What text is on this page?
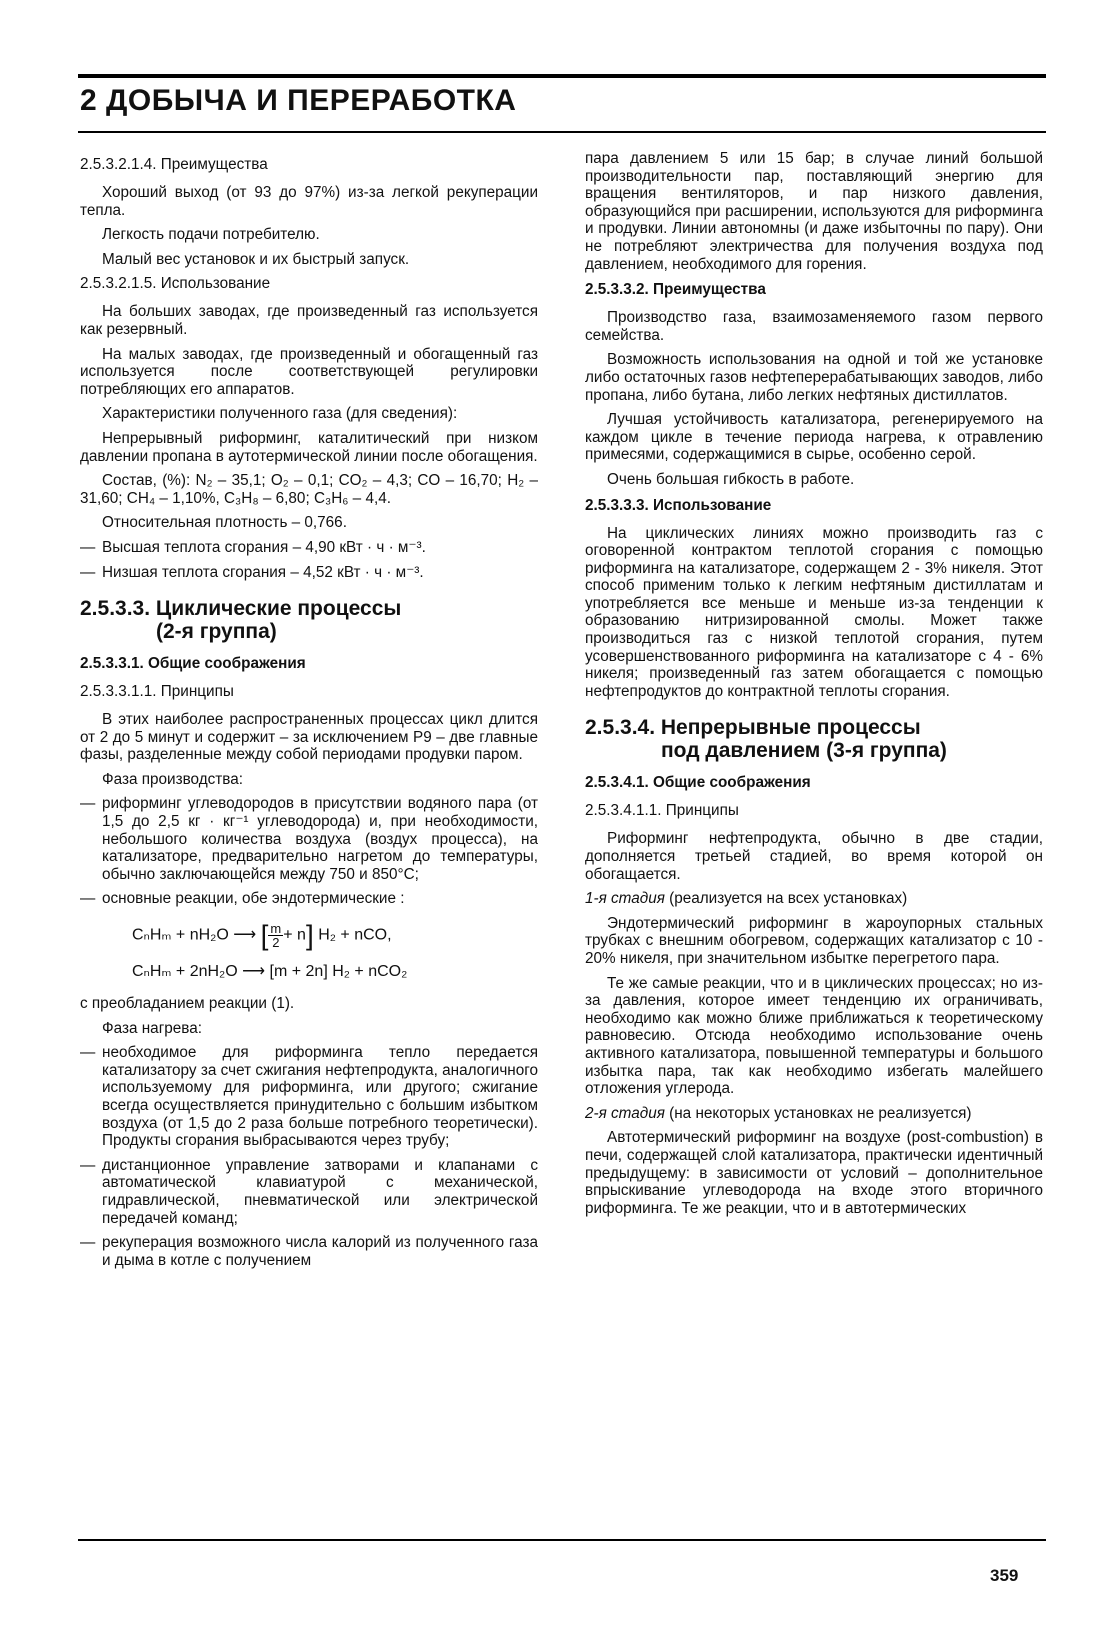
2 ДОБЫЧА И ПЕРЕРАБОТКА
2.5.3.2.1.4. Преимущества

Хороший выход (от 93 до 97%) из-за легкой рекуперации тепла.

Легкость подачи потребителю.

Малый вес установок и их быстрый запуск.

2.5.3.2.1.5. Использование

На больших заводах, где произведенный газ используется как резервный.

На малых заводах, где произведенный и обогащенный газ используется после соответствующей регулировки потребляющих его аппаратов.

Характеристики полученного газа (для сведения):

Непрерывный риформинг, каталитический при низком давлении пропана в аутотермической линии после обогащения.

Состав, (%): N₂ – 35,1; O₂ – 0,1; CO₂ – 4,3; CO – 16,70; H₂ – 31,60; CH₄ – 1,10%, C₃H₈ – 6,80; C₃H₆ – 4,4.

Относительная плотность – 0,766.

— Высшая теплота сгорания – 4,90 кВт · ч · м⁻³.

— Низшая теплота сгорания – 4,52 кВт · ч · м⁻³.

2.5.3.3. Циклические процессы
(2-я группа)
2.5.3.3.1. Общие соображения
2.5.3.3.1.1. Принципы

В этих наиболее распространенных процессах цикл длится от 2 до 5 минут и содержит – за исключением Р9 – две главные фазы, разделенные между собой периодами продувки паром.

Фаза производства:

— риформинг углеводородов в присутствии водяного пара (от 1,5 до 2,5 кг · кг⁻¹ углеводорода) и, при необходимости, небольшого количества воздуха (воздух процесса), на катализаторе, предварительно нагретом до температуры, обычно заключающейся между 750 и 850°C;

— основные реакции, обе эндотермические :

CₙHₘ + nH₂O ⟶ [ $\frac{m}{2} + n$] H₂ + nCO,
CₙHₘ + 2nH₂O ⟶ [m + 2n] H₂ + nCO₂

с преобладанием реакции (1).

Фаза нагрева:

— необходимое для риформинга тепло передается катализатору за счет сжигания нефтепродукта, аналогичного используемому для риформинга, или другого; сжигание всегда осуществляется принудительно с большим избытком воздуха (от 1,5 до 2 раза больше потребного теоретически). Продукты сгорания выбрасываются через трубу;

— дистанционное управление затворами и клапанами с автоматической клавиатурой с механической, гидравлической, пневматической или электрической передачей команд;

— рекуперация возможного числа калорий из полученного газа и дыма в котле с получением

пара давлением 5 или 15 бар; в случае линий большой производительности пар, поставляющий энергию для вращения вентиляторов, и пар низкого давления, образующийся при расширении, используются для риформинга и продувки. Линии автономны (и даже избыточны по пару). Они не потребляют электричества для получения воздуха под давлением, необходимого для горения.

2.5.3.3.2. Преимущества

Производство газа, взаимозаменяемого газом первого семейства.

Возможность использования на одной и той же установке либо остаточных газов нефтеперерабатывающих заводов, либо пропана, либо бутана, либо легких нефтяных дистиллатов.

Лучшая устойчивость катализатора, регенерируемого на каждом цикле в течение периода нагрева, к отравлению примесями, содержащимися в сырье, особенно серой.

Очень большая гибкость в работе.

2.5.3.3.3. Использование

На циклических линиях можно производить газ с оговоренной контрактом теплотой сгорания с помощью риформинга на катализаторе, содержащем 2 - 3% никеля. Этот способ применим только к легким нефтяным дистиллатам и употребляется все меньше и меньше из-за тенденции к образованию нитризированной смолы. Может также производиться газ с низкой теплотой сгорания, путем усовершенствованного риформинга на катализаторе с 4 - 6% никеля; произведенный газ затем обогащается с помощью нефтепродуктов до контрактной теплоты сгорания.

2.5.3.4. Непрерывные процессы
под давлением (3-я группа)
2.5.3.4.1. Общие соображения
2.5.3.4.1.1. Принципы

Риформинг нефтепродукта, обычно в две стадии, дополняется третьей стадией, во время которой он обогащается.

1-я стадия (реализуется на всех установках)

Эндотермический риформинг в жароупорных стальных трубках с внешним обогревом, содержащих катализатор с 10 - 20% никеля, при значительном избытке перегретого пара.

Те же самые реакции, что и в циклических процессах; но из-за давления, которое имеет тенденцию их ограничивать, необходимо как можно ближе приближаться к теоретическому равновесию. Отсюда необходимо использование очень активного катализатора, повышенной температуры и большого избытка пара, так как необходимо избегать малейшего отложения углерода.

2-я стадия (на некоторых установках не реализуется)

Автотермический риформинг на воздухе (post-combustion) в печи, содержащей слой катализатора, практически идентичный предыдущему: в зависимости от условий – дополнительное впрыскивание углеводорода на входе этого вторичного риформинга. Те же реакции, что и в автотермических

359
